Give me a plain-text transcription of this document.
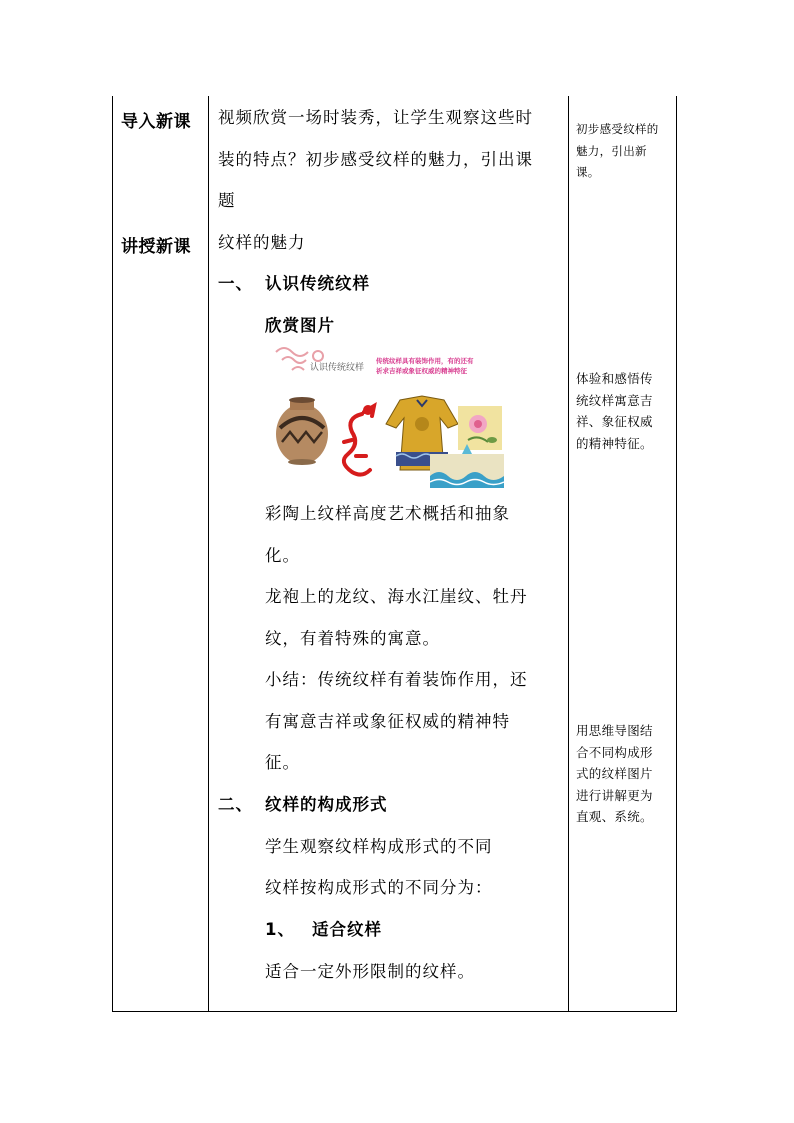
导入新课
讲授新课
视频欣赏一场时装秀，让学生观察这些时
装的特点？初步感受纹样的魅力，引出课
题
纹样的魅力
一、 认识传统纹样
欣赏图片
认识传统纹样
传统纹样具有装饰作用，有的还有
祈求吉祥或象征权威的精神特征
彩陶上纹样高度艺术概括和抽象
化。
龙袍上的龙纹、海水江崖纹、牡丹
纹，有着特殊的寓意。
小结：传统纹样有着装饰作用，还
有寓意吉祥或象征权威的精神特
征。
二、 纹样的构成形式
学生观察纹样构成形式的不同
纹样按构成形式的不同分为：
1、 适合纹样
适合一定外形限制的纹样。
初步感受纹样的
魅力，引出新
课。
体验和感悟传
统纹样寓意吉
祥、象征权威
的精神特征。
用思维导图结
合不同构成形
式的纹样图片
进行讲解更为
直观、系统。
